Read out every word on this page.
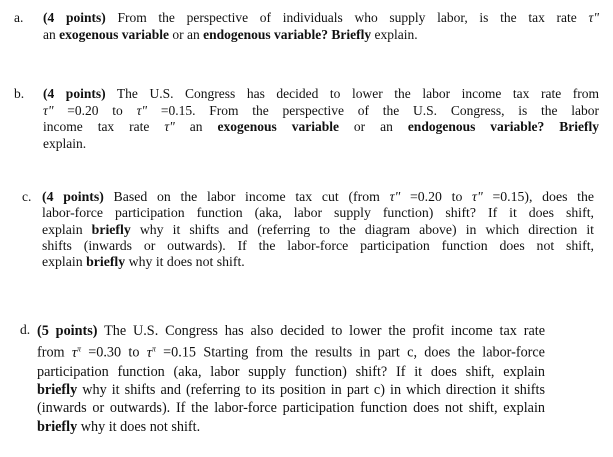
a. (4 points) From the perspective of individuals who supply labor, is the tax rate τ"
an exogenous variable or an endogenous variable? Briefly explain.
b. (4 points) The U.S. Congress has decided to lower the labor income tax rate from
τ" =0.20 to τ" =0.15. From the perspective of the U.S. Congress, is the labor
income tax rate τ" an exogenous variable or an endogenous variable? Briefly
explain.
c. (4 points) Based on the labor income tax cut (from τ" =0.20 to τ" =0.15), does the
labor-force participation function (aka, labor supply function) shift? If it does shift,
explain briefly why it shifts and (referring to the diagram above) in which direction it
shifts (inwards or outwards). If the labor-force participation function does not shift,
explain briefly why it does not shift.
d. (5 points) The U.S. Congress has also decided to lower the profit income tax rate
from $\tau^\pi =0.30$ to $\tau^\pi =0.15$ Starting from the results in part c, does the labor-force
participation function (aka, labor supply function) shift? If it does shift, explain
briefly why it shifts and (referring to its position in part c) in which direction it shifts
(inwards or outwards). If the labor-force participation function does not shift, explain
briefly why it does not shift.
